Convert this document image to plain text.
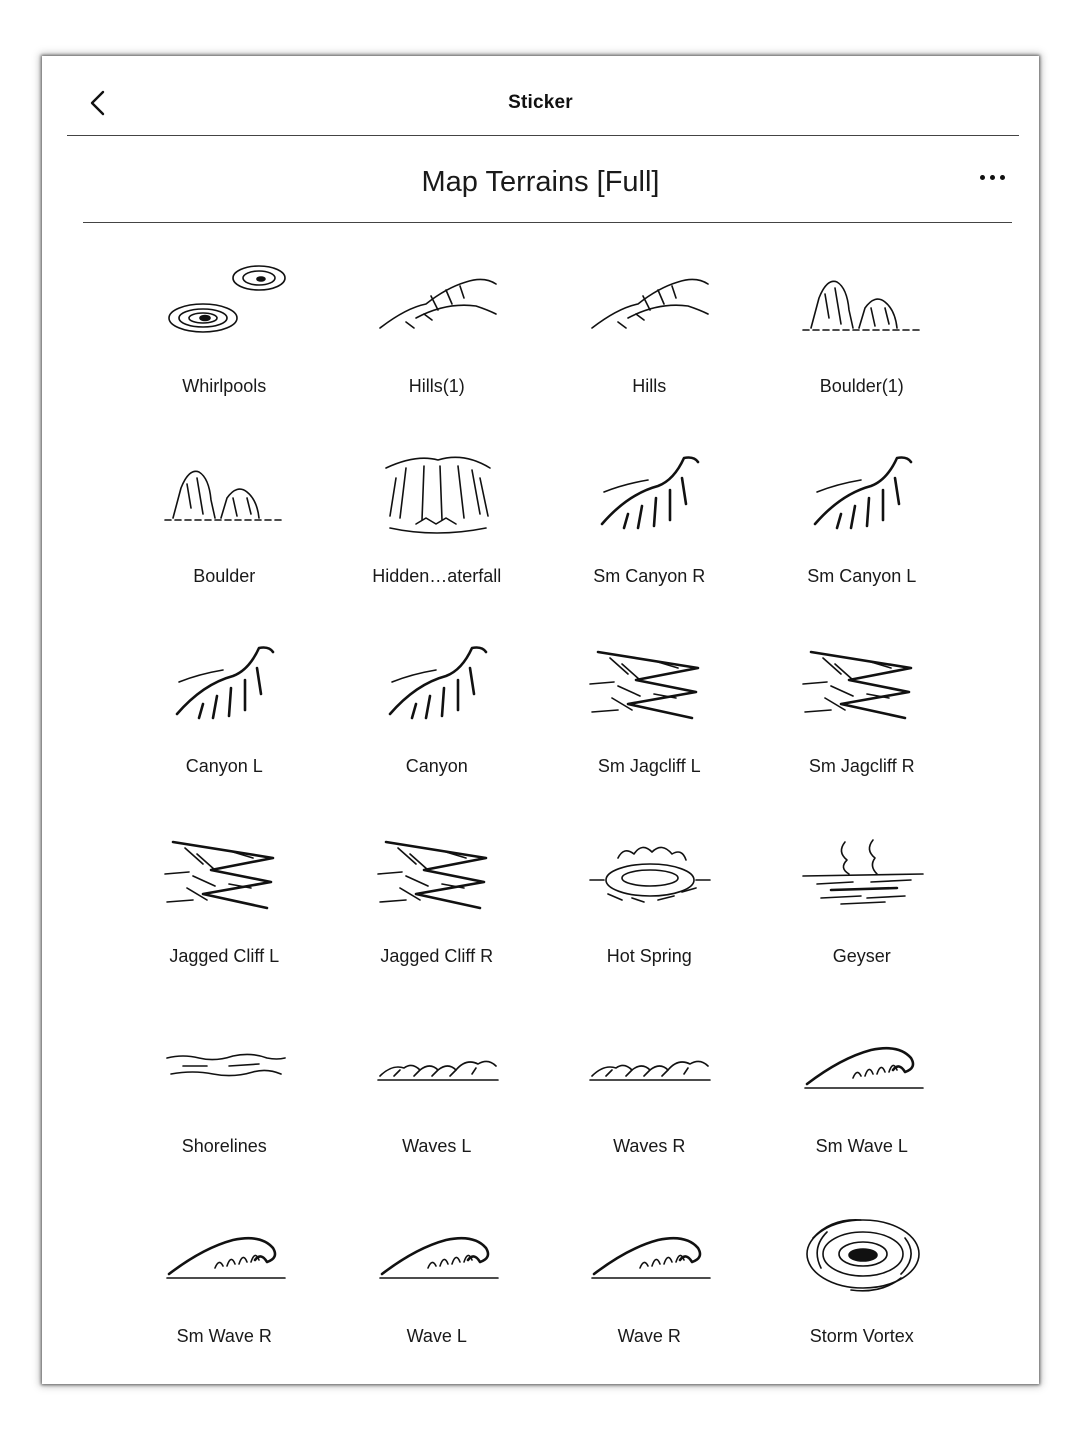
Sticker
Map Terrains [Full]
Whirlpools	Hills(1)	Hills	Boulder(1)
Boulder	Hidden…aterfall	Sm Canyon R	Sm Canyon L
Canyon L	Canyon	Sm Jagcliff L	Sm Jagcliff R
Jagged Cliff L	Jagged Cliff R	Hot Spring	Geyser
Shorelines	Waves L	Waves R	Sm Wave L
Sm Wave R	Wave L	Wave R	Storm Vortex
